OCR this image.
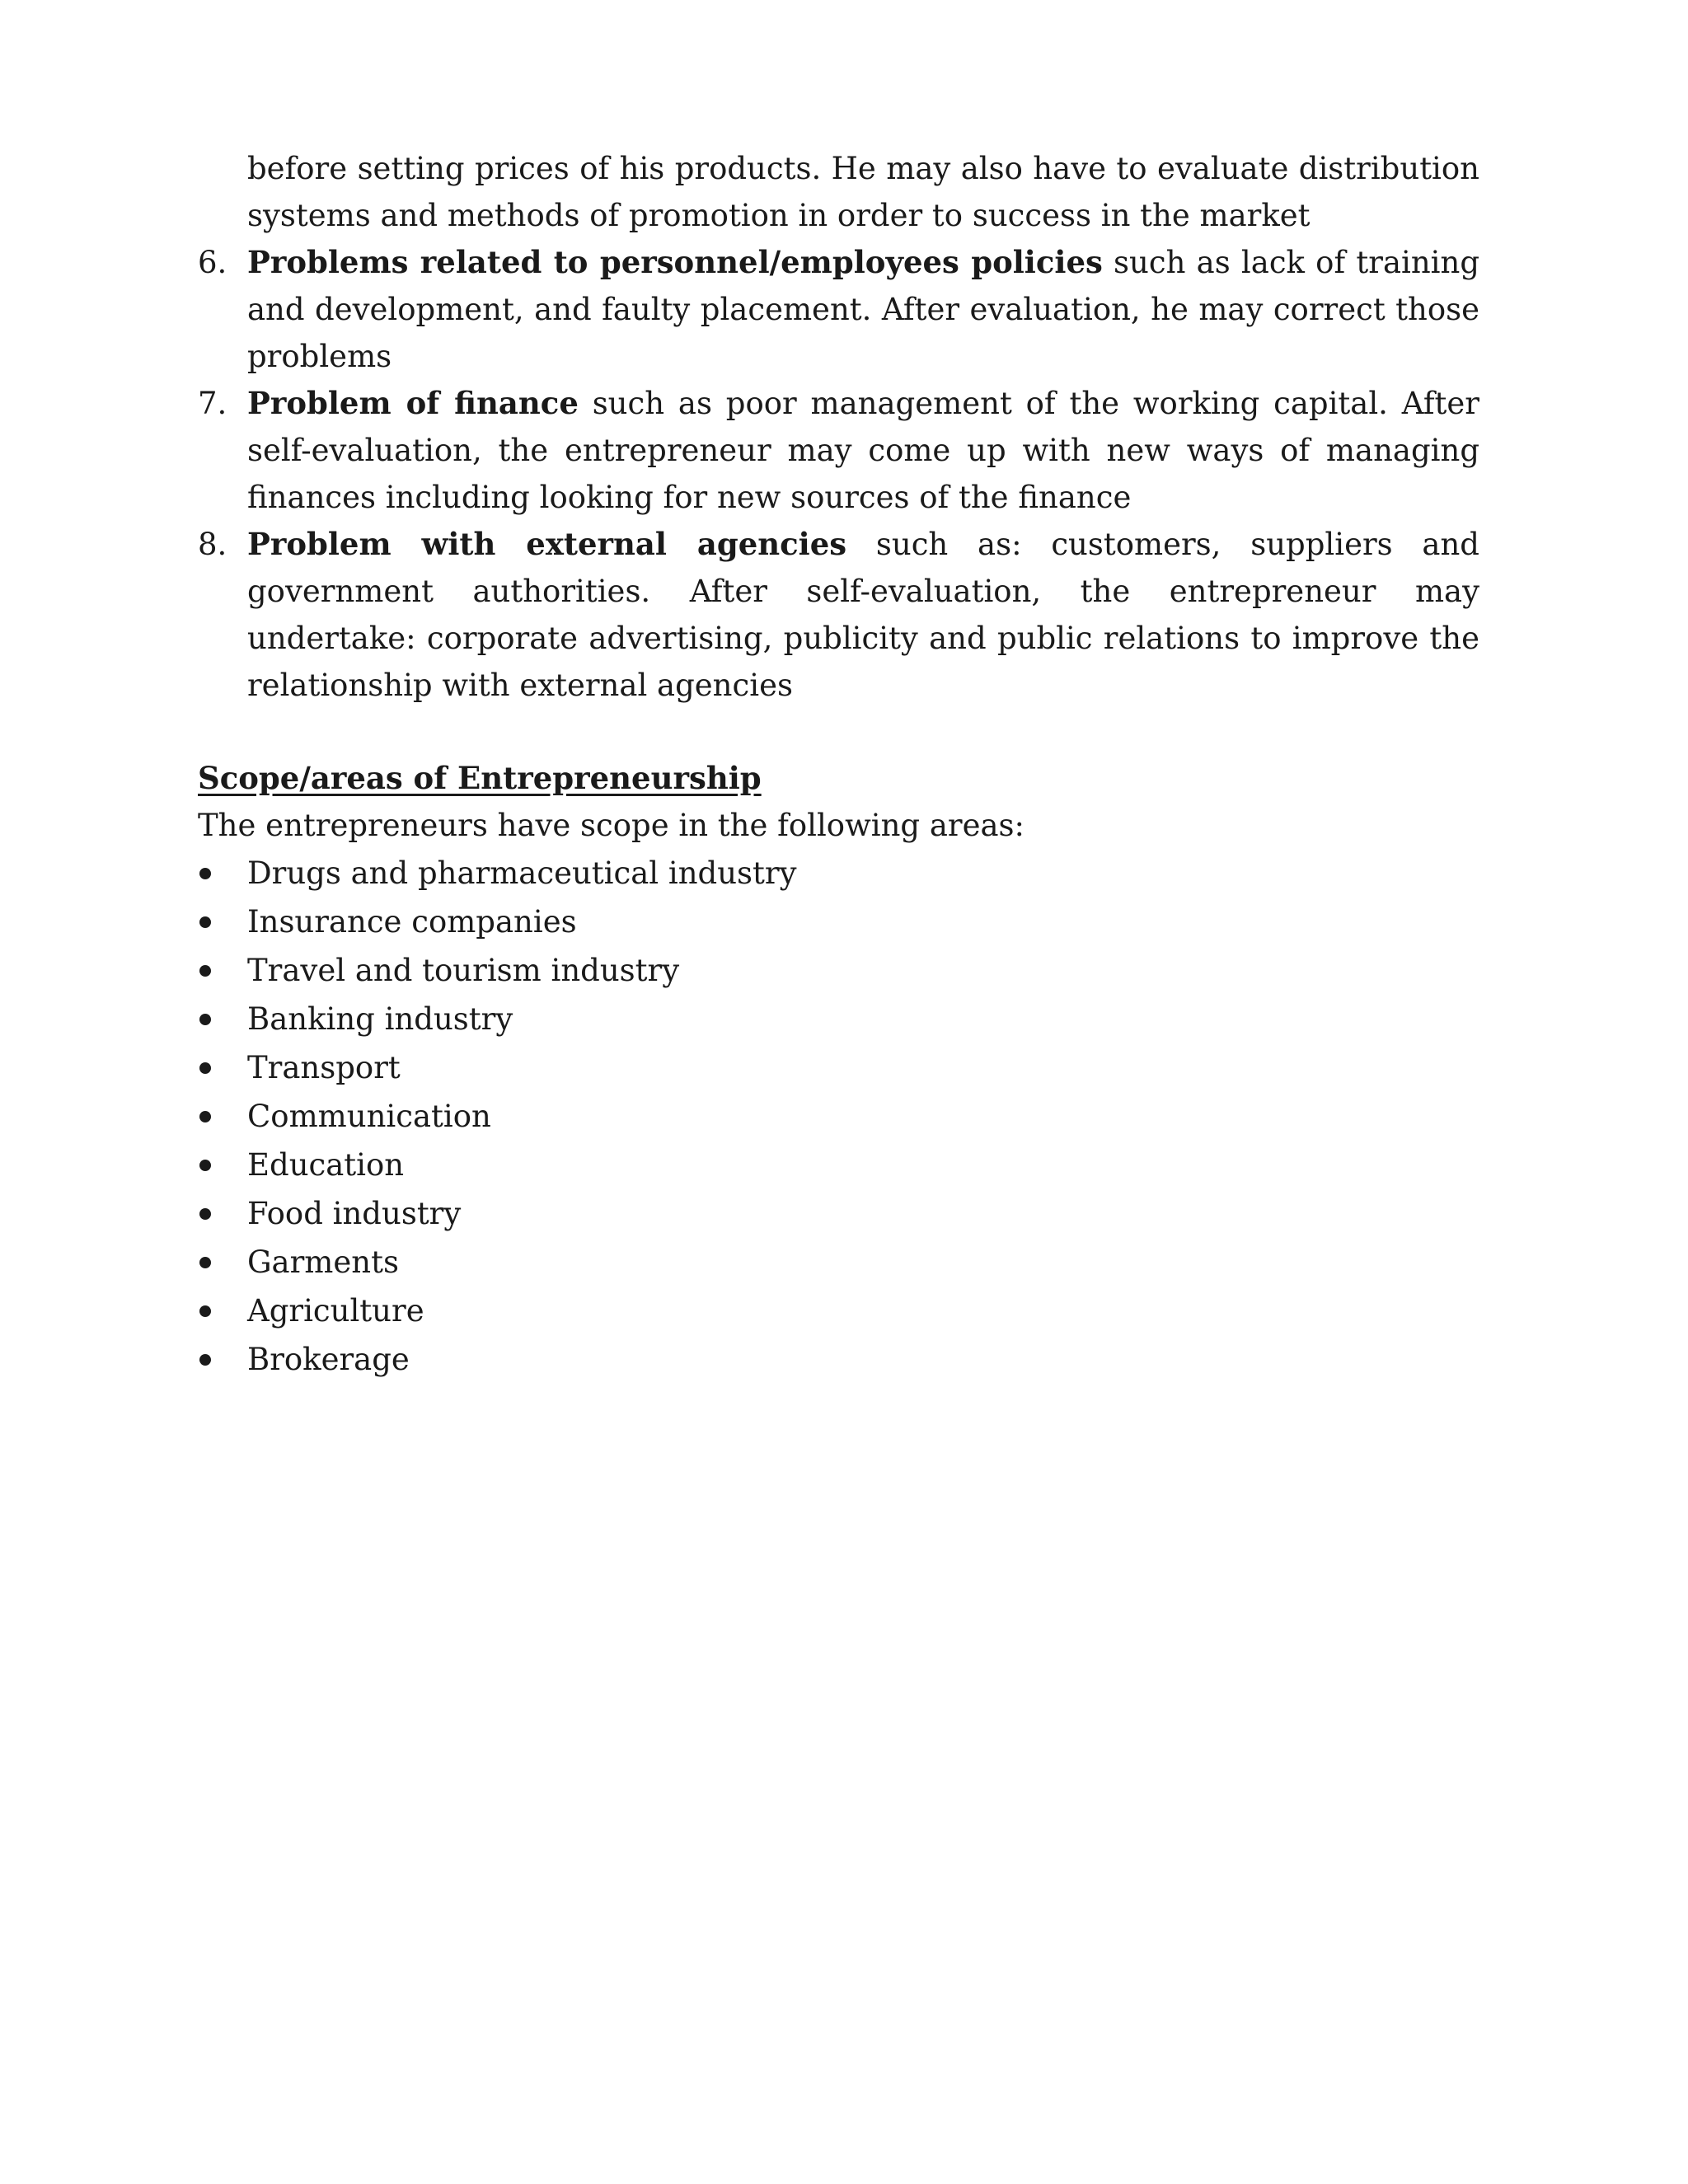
before setting prices of his products. He may also have to evaluate distribution systems and methods of promotion in order to success in the market

6. Problems related to personnel/employees policies such as lack of training and development, and faulty placement. After evaluation, he may correct those problems

7. Problem of finance such as poor management of the working capital. After self-evaluation, the entrepreneur may come up with new ways of managing finances including looking for new sources of the finance

8. Problem with external agencies such as: customers, suppliers and government authorities. After self-evaluation, the entrepreneur may undertake: corporate advertising, publicity and public relations to improve the relationship with external agencies

Scope/areas of Entrepreneurship

The entrepreneurs have scope in the following areas:

Drugs and pharmaceutical industry
Insurance companies
Travel and tourism industry
Banking industry
Transport
Communication
Education
Food industry
Garments
Agriculture
Brokerage
